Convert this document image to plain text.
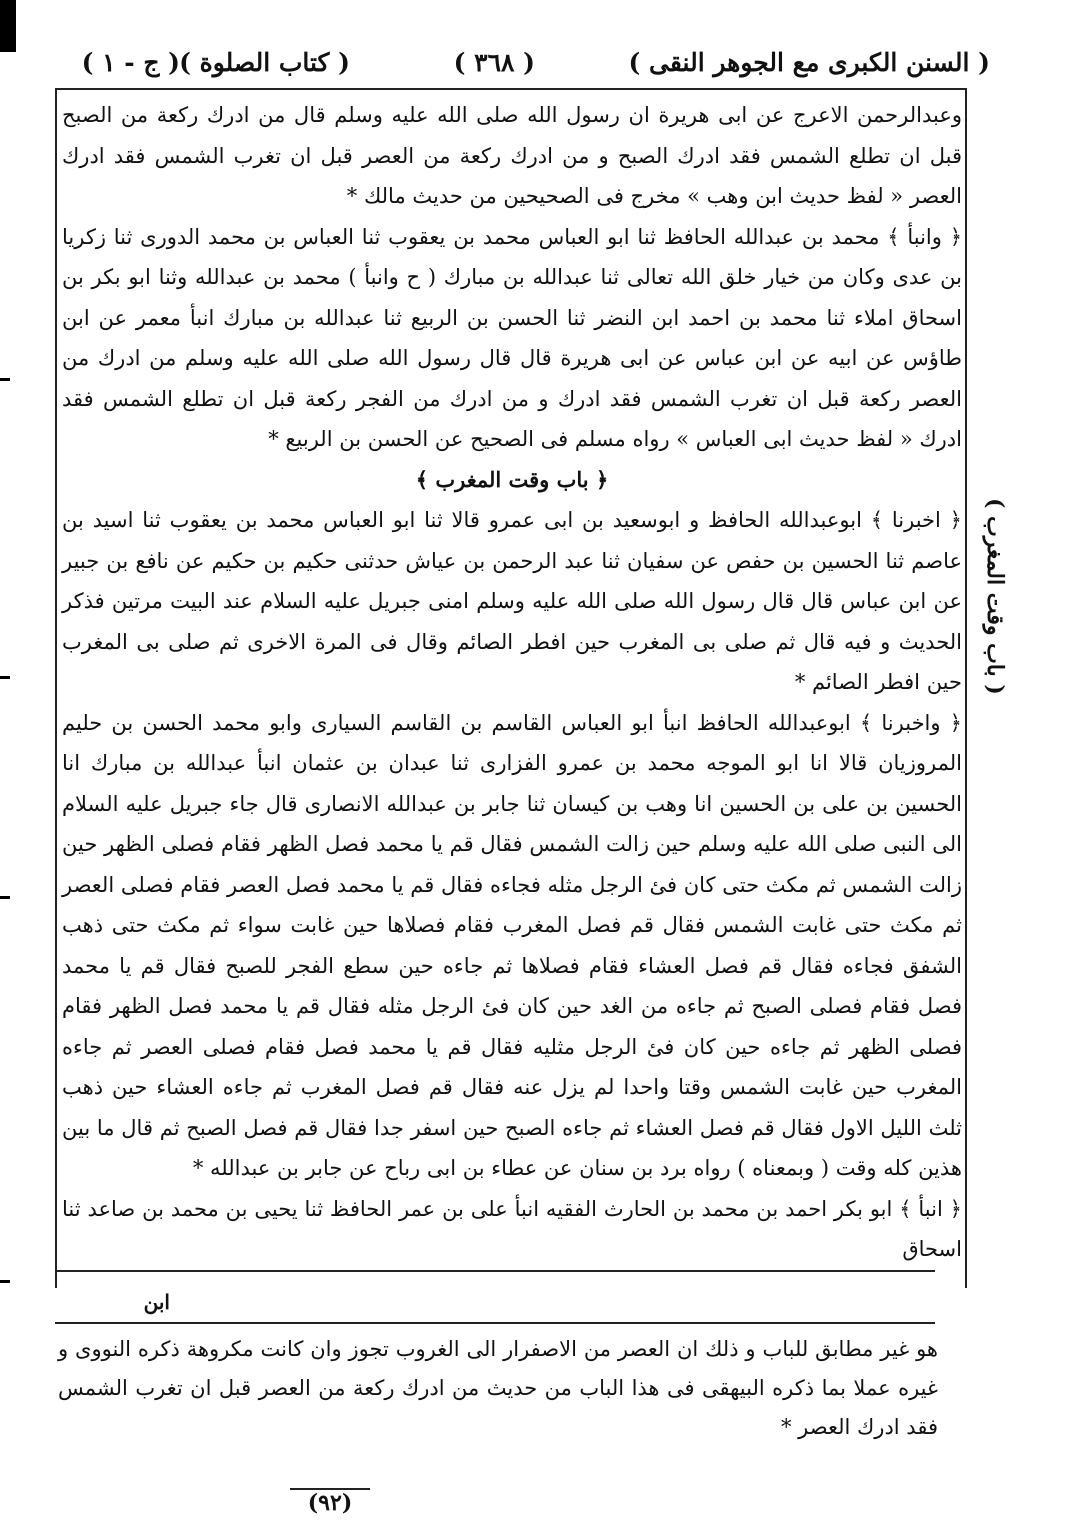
( السنن الكبرى مع الجوهر النقى )
( ٣٦٨ )
( كتاب الصلوة )
( ج - ١ )

وعبدالرحمن الاعرج عن ابى هريرة ان رسول الله صلى الله عليه وسلم قال من ادرك ركعة من الصبح قبل ان تطلع الشمس فقد ادرك الصبح و من ادرك ركعة من العصر قبل ان تغرب الشمس فقد ادرك العصر « لفظ حديث ابن وهب » مخرج فى الصحيحين من حديث مالك *

﴿ وانبأ ﴾ محمد بن عبدالله الحافظ ثنا ابو العباس محمد بن يعقوب ثنا العباس بن محمد الدورى ثنا زكريا بن عدى وكان من خيار خلق الله تعالى ثنا عبدالله بن مبارك ( ح وانبأ ) محمد بن عبدالله وثنا ابو بكر بن اسحاق املاء ثنا محمد بن احمد ابن النضر ثنا الحسن بن الربيع ثنا عبدالله بن مبارك انبأ معمر عن ابن طاؤس عن ابيه عن ابن عباس عن ابى هريرة قال قال رسول الله صلى الله عليه وسلم من ادرك من العصر ركعة قبل ان تغرب الشمس فقد ادرك و من ادرك من الفجر ركعة قبل ان تطلع الشمس فقد ادرك « لفظ حديث ابى العباس » رواه مسلم فى الصحيح عن الحسن بن الربيع *

﴿ باب وقت المغرب ﴾

﴿ اخبرنا ﴾ ابوعبدالله الحافظ و ابوسعيد بن ابى عمرو قالا ثنا ابو العباس محمد بن يعقوب ثنا اسيد بن عاصم ثنا الحسين بن حفص عن سفيان ثنا عبد الرحمن بن عياش حدثنى حكيم بن حكيم عن نافع بن جبير عن ابن عباس قال قال رسول الله صلى الله عليه وسلم امنى جبريل عليه السلام عند البيت مرتين فذكر الحديث و فيه قال ثم صلى بى المغرب حين افطر الصائم وقال فى المرة الاخرى ثم صلى بى المغرب حين افطر الصائم *

﴿ واخبرنا ﴾ ابوعبدالله الحافظ انبأ ابو العباس القاسم بن القاسم السيارى وابو محمد الحسن بن حليم المروزيان قالا انا ابو الموجه محمد بن عمرو الفزارى ثنا عبدان بن عثمان انبأ عبدالله بن مبارك انا الحسين بن على بن الحسين انا وهب بن كيسان ثنا جابر بن عبدالله الانصارى قال جاء جبريل عليه السلام الى النبى صلى الله عليه وسلم حين زالت الشمس فقال قم يا محمد فصل الظهر فقام فصلى الظهر حين زالت الشمس ثم مكث حتى كان فئ الرجل مثله فجاءه فقال قم يا محمد فصل العصر فقام فصلى العصر ثم مكث حتى غابت الشمس فقال قم فصل المغرب فقام فصلاها حين غابت سواء ثم مكث حتى ذهب الشفق فجاءه فقال قم فصل العشاء فقام فصلاها ثم جاءه حين سطع الفجر للصبح فقال قم يا محمد فصل فقام فصلى الصبح ثم جاءه من الغد حين كان فئ الرجل مثله فقال قم يا محمد فصل الظهر فقام فصلى الظهر ثم جاءه حين كان فئ الرجل مثليه فقال قم يا محمد فصل فقام فصلى العصر ثم جاءه المغرب حين غابت الشمس وقتا واحدا لم يزل عنه فقال قم فصل المغرب ثم جاءه العشاء حين ذهب ثلث الليل الاول فقال قم فصل العشاء ثم جاءه الصبح حين اسفر جدا فقال قم فصل الصبح ثم قال ما بين هذين كله وقت ( وبمعناه ) رواه برد بن سنان عن عطاء بن ابى رباح عن جابر بن عبدالله *

﴿ انبأ ﴾ ابو بكر احمد بن محمد بن الحارث الفقيه انبأ على بن عمر الحافظ ثنا يحيى بن محمد بن صاعد ثنا اسحاق

( باب وقت المغرب )
ابن

هو غير مطابق للباب و ذلك ان العصر من الاصفرار الى الغروب تجوز وان كانت مكروهة ذكره النووى و غيره عملا بما ذكره البيهقى فى هذا الباب من حديث من ادرك ركعة من العصر قبل ان تغرب الشمس فقد ادرك العصر *

(٩٢)
